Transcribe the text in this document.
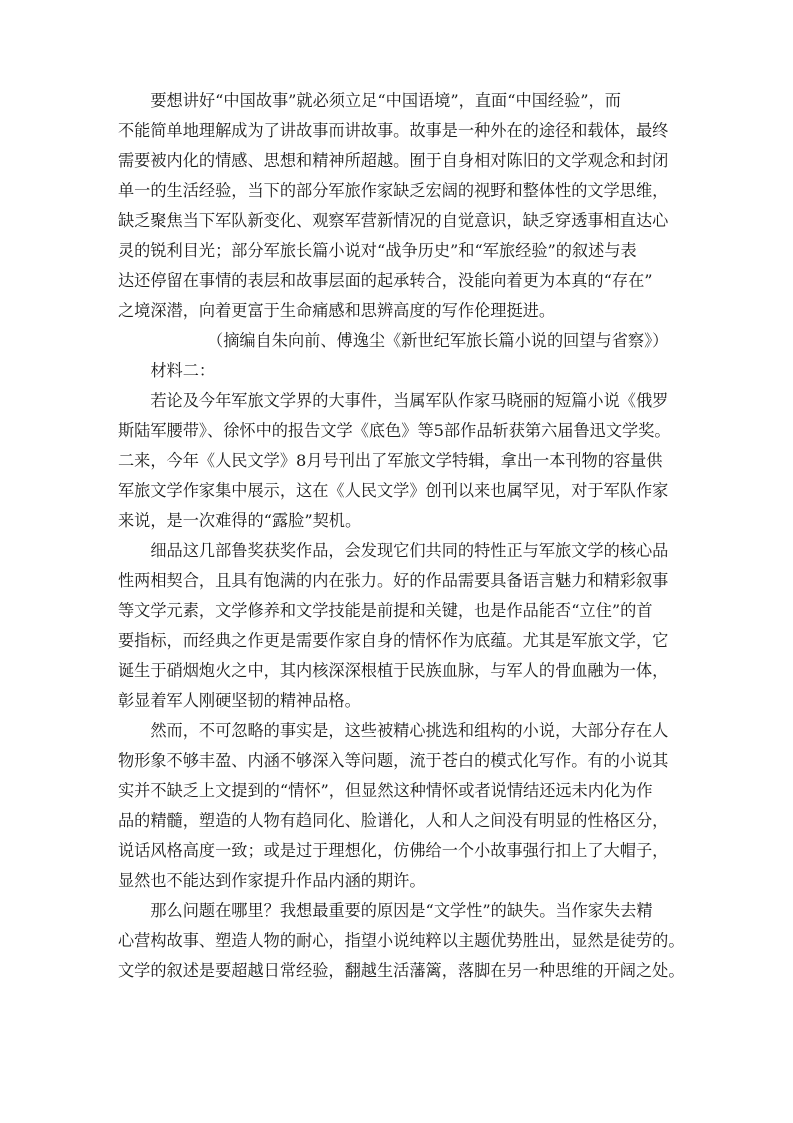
　　要想讲好“中国故事”就必须立足“中国语境”，直面“中国经验”，而
不能简单地理解成为了讲故事而讲故事。故事是一种外在的途径和载体，最终
需要被内化的情感、思想和精神所超越。囿于自身相对陈旧的文学观念和封闭
单一的生活经验，当下的部分军旅作家缺乏宏阔的视野和整体性的文学思维，
缺乏聚焦当下军队新变化、观察军营新情况的自觉意识，缺乏穿透事相直达心
灵的锐利目光；部分军旅长篇小说对“战争历史”和“军旅经验”的叙述与表
达还停留在事情的表层和故事层面的起承转合，没能向着更为本真的“存在”
之境深潜，向着更富于生命痛感和思辨高度的写作伦理挺进。
　　　　　　（摘编自朱向前、傅逸尘《新世纪军旅长篇小说的回望与省察》）
　　材料二：
　　若论及今年军旅文学界的大事件，当属军队作家马晓丽的短篇小说《俄罗
斯陆军腰带》、徐怀中的报告文学《底色》等5部作品斩获第六届鲁迅文学奖。
二来，今年《人民文学》8月号刊出了军旅文学特辑，拿出一本刊物的容量供
军旅文学作家集中展示，这在《人民文学》创刊以来也属罕见，对于军队作家
来说，是一次难得的“露脸”契机。
　　细品这几部鲁奖获奖作品，会发现它们共同的特性正与军旅文学的核心品
性两相契合，且具有饱满的内在张力。好的作品需要具备语言魅力和精彩叙事
等文学元素，文学修养和文学技能是前提和关键，也是作品能否“立住”的首
要指标，而经典之作更是需要作家自身的情怀作为底蕴。尤其是军旅文学，它
诞生于硝烟炮火之中，其内核深深根植于民族血脉，与军人的骨血融为一体，
彰显着军人刚硬坚韧的精神品格。
　　然而，不可忽略的事实是，这些被精心挑选和组构的小说，大部分存在人
物形象不够丰盈、内涵不够深入等问题，流于苍白的模式化写作。有的小说其
实并不缺乏上文提到的“情怀”，但显然这种情怀或者说情结还远未内化为作
品的精髓，塑造的人物有趋同化、脸谱化，人和人之间没有明显的性格区分，
说话风格高度一致；或是过于理想化，仿佛给一个小故事强行扣上了大帽子，
显然也不能达到作家提升作品内涵的期许。
　　那么问题在哪里？我想最重要的原因是“文学性”的缺失。当作家失去精
心营构故事、塑造人物的耐心，指望小说纯粹以主题优势胜出，显然是徒劳的。
文学的叙述是要超越日常经验，翻越生活藩篱，落脚在另一种思维的开阔之处。
